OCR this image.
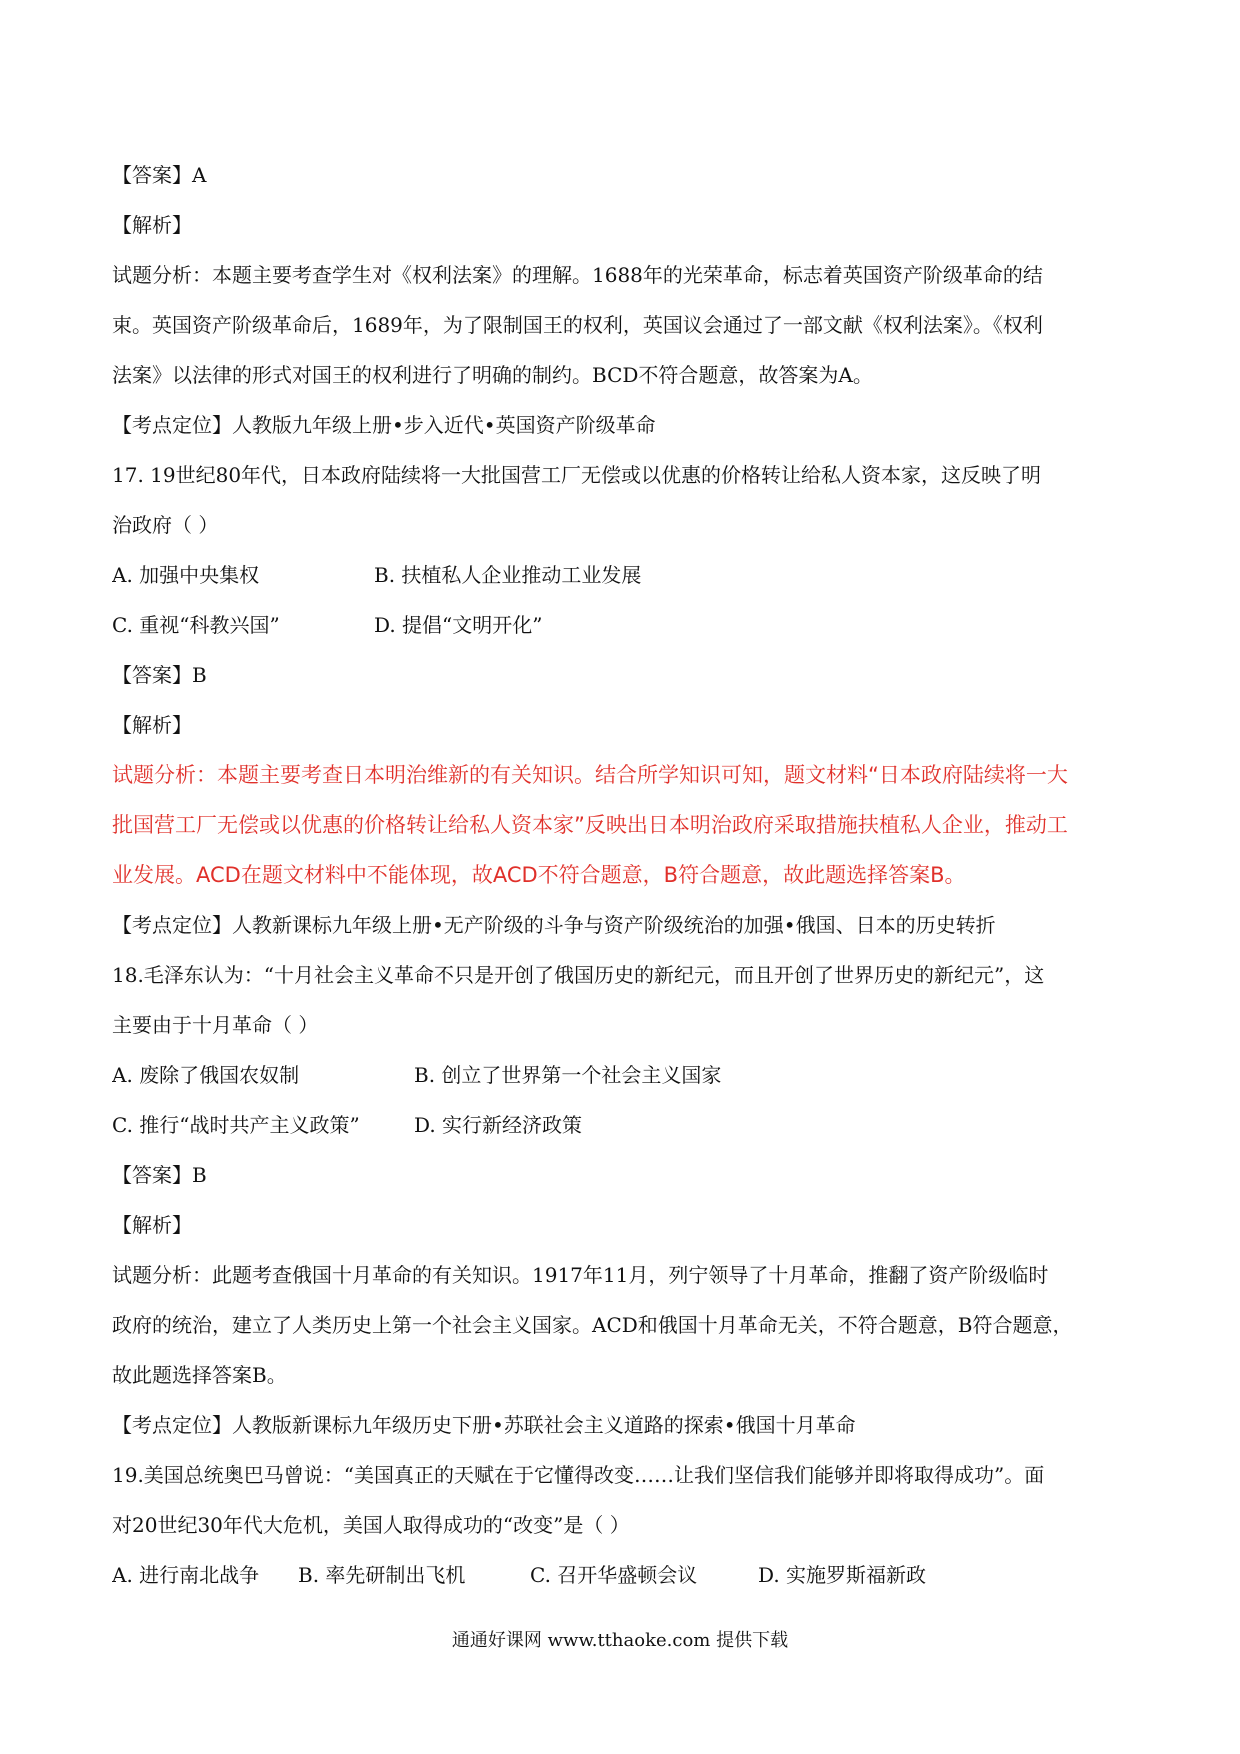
【答案】A
【解析】
试题分析：本题主要考查学生对《权利法案》的理解。1688年的光荣革命，标志着英国资产阶级革命的结
束。英国资产阶级革命后，1689年，为了限制国王的权利，英国议会通过了一部文献《权利法案》。《权利
法案》以法律的形式对国王的权利进行了明确的制约。BCD不符合题意，故答案为A。
【考点定位】人教版九年级上册•步入近代•英国资产阶级革命
17. 19世纪80年代，日本政府陆续将一大批国营工厂无偿或以优惠的价格转让给私人资本家，这反映了明
治政府（ ）
A. 加强中央集权	B. 扶植私人企业推动工业发展
C. 重视“科教兴国”	D. 提倡“文明开化”
【答案】B
【解析】
试题分析：本题主要考查日本明治维新的有关知识。结合所学知识可知，题文材料“日本政府陆续将一大
批国营工厂无偿或以优惠的价格转让给私人资本家”反映出日本明治政府采取措施扶植私人企业，推动工
业发展。ACD在题文材料中不能体现，故ACD不符合题意，B符合题意，故此题选择答案B。
【考点定位】人教新课标九年级上册•无产阶级的斗争与资产阶级统治的加强•俄国、日本的历史转折
18.毛泽东认为：“十月社会主义革命不只是开创了俄国历史的新纪元，而且开创了世界历史的新纪元”，这
主要由于十月革命（ ）
A. 废除了俄国农奴制	B. 创立了世界第一个社会主义国家
C. 推行“战时共产主义政策”	D. 实行新经济政策
【答案】B
【解析】
试题分析：此题考查俄国十月革命的有关知识。1917年11月，列宁领导了十月革命，推翻了资产阶级临时
政府的统治，建立了人类历史上第一个社会主义国家。ACD和俄国十月革命无关，不符合题意，B符合题意，
故此题选择答案B。
【考点定位】人教版新课标九年级历史下册•苏联社会主义道路的探索•俄国十月革命
19.美国总统奥巴马曾说：“美国真正的天赋在于它懂得改变……让我们坚信我们能够并即将取得成功”。面
对20世纪30年代大危机，美国人取得成功的“改变”是（ ）
A. 进行南北战争	B. 率先研制出飞机	C. 召开华盛顿会议	D. 实施罗斯福新政
通通好课网 www.tthaoke.com 提供下载
